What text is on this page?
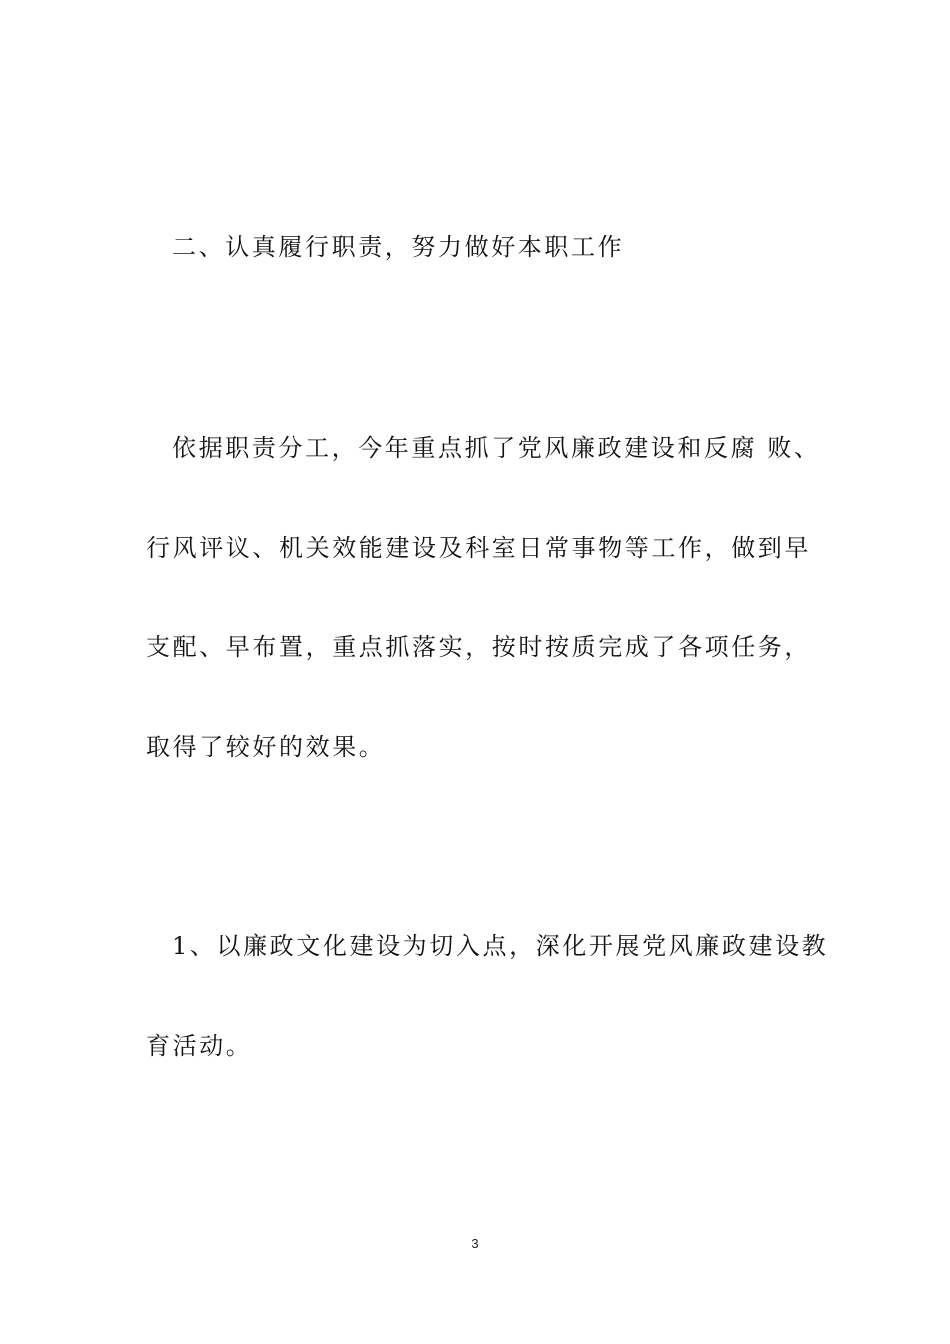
二、认真履行职责，努力做好本职工作
依据职责分工，今年重点抓了党风廉政建设和反腐 败、
行风评议、机关效能建设及科室日常事物等工作，做到早
支配、早布置，重点抓落实，按时按质完成了各项任务，
取得了较好的效果。
1、以廉政文化建设为切入点，深化开展党风廉政建设教
育活动。
3
